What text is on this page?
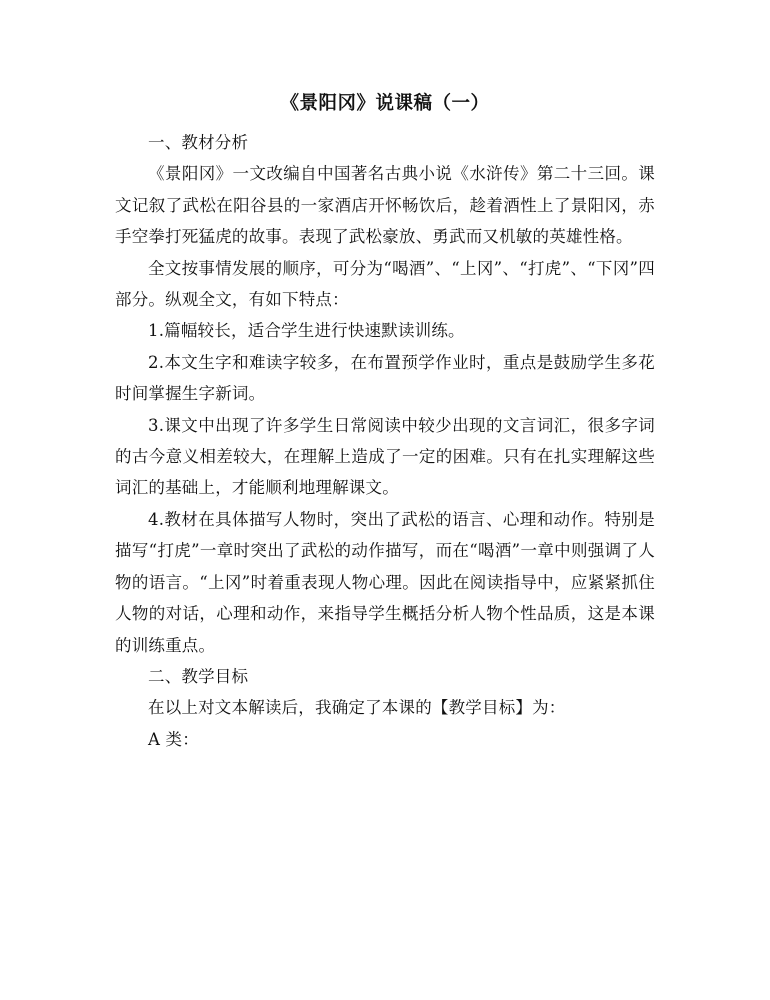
《景阳冈》说课稿（一）

一、教材分析

《景阳冈》一文改编自中国著名古典小说《水浒传》第二十三回。课文记叙了武松在阳谷县的一家酒店开怀畅饮后，趁着酒性上了景阳冈，赤手空拳打死猛虎的故事。表现了武松豪放、勇武而又机敏的英雄性格。

全文按事情发展的顺序，可分为“喝酒”、“上冈”、“打虎”、“下冈”四部分。纵观全文，有如下特点：

1.篇幅较长，适合学生进行快速默读训练。

2.本文生字和难读字较多，在布置预学作业时，重点是鼓励学生多花时间掌握生字新词。

3.课文中出现了许多学生日常阅读中较少出现的文言词汇，很多字词的古今意义相差较大，在理解上造成了一定的困难。只有在扎实理解这些词汇的基础上，才能顺利地理解课文。

4.教材在具体描写人物时，突出了武松的语言、心理和动作。特别是描写“打虎”一章时突出了武松的动作描写，而在“喝酒”一章中则强调了人物的语言。“上冈”时着重表现人物心理。因此在阅读指导中，应紧紧抓住人物的对话，心理和动作，来指导学生概括分析人物个性品质，这是本课的训练重点。

二、教学目标

在以上对文本解读后，我确定了本课的【教学目标】为：

A 类：
